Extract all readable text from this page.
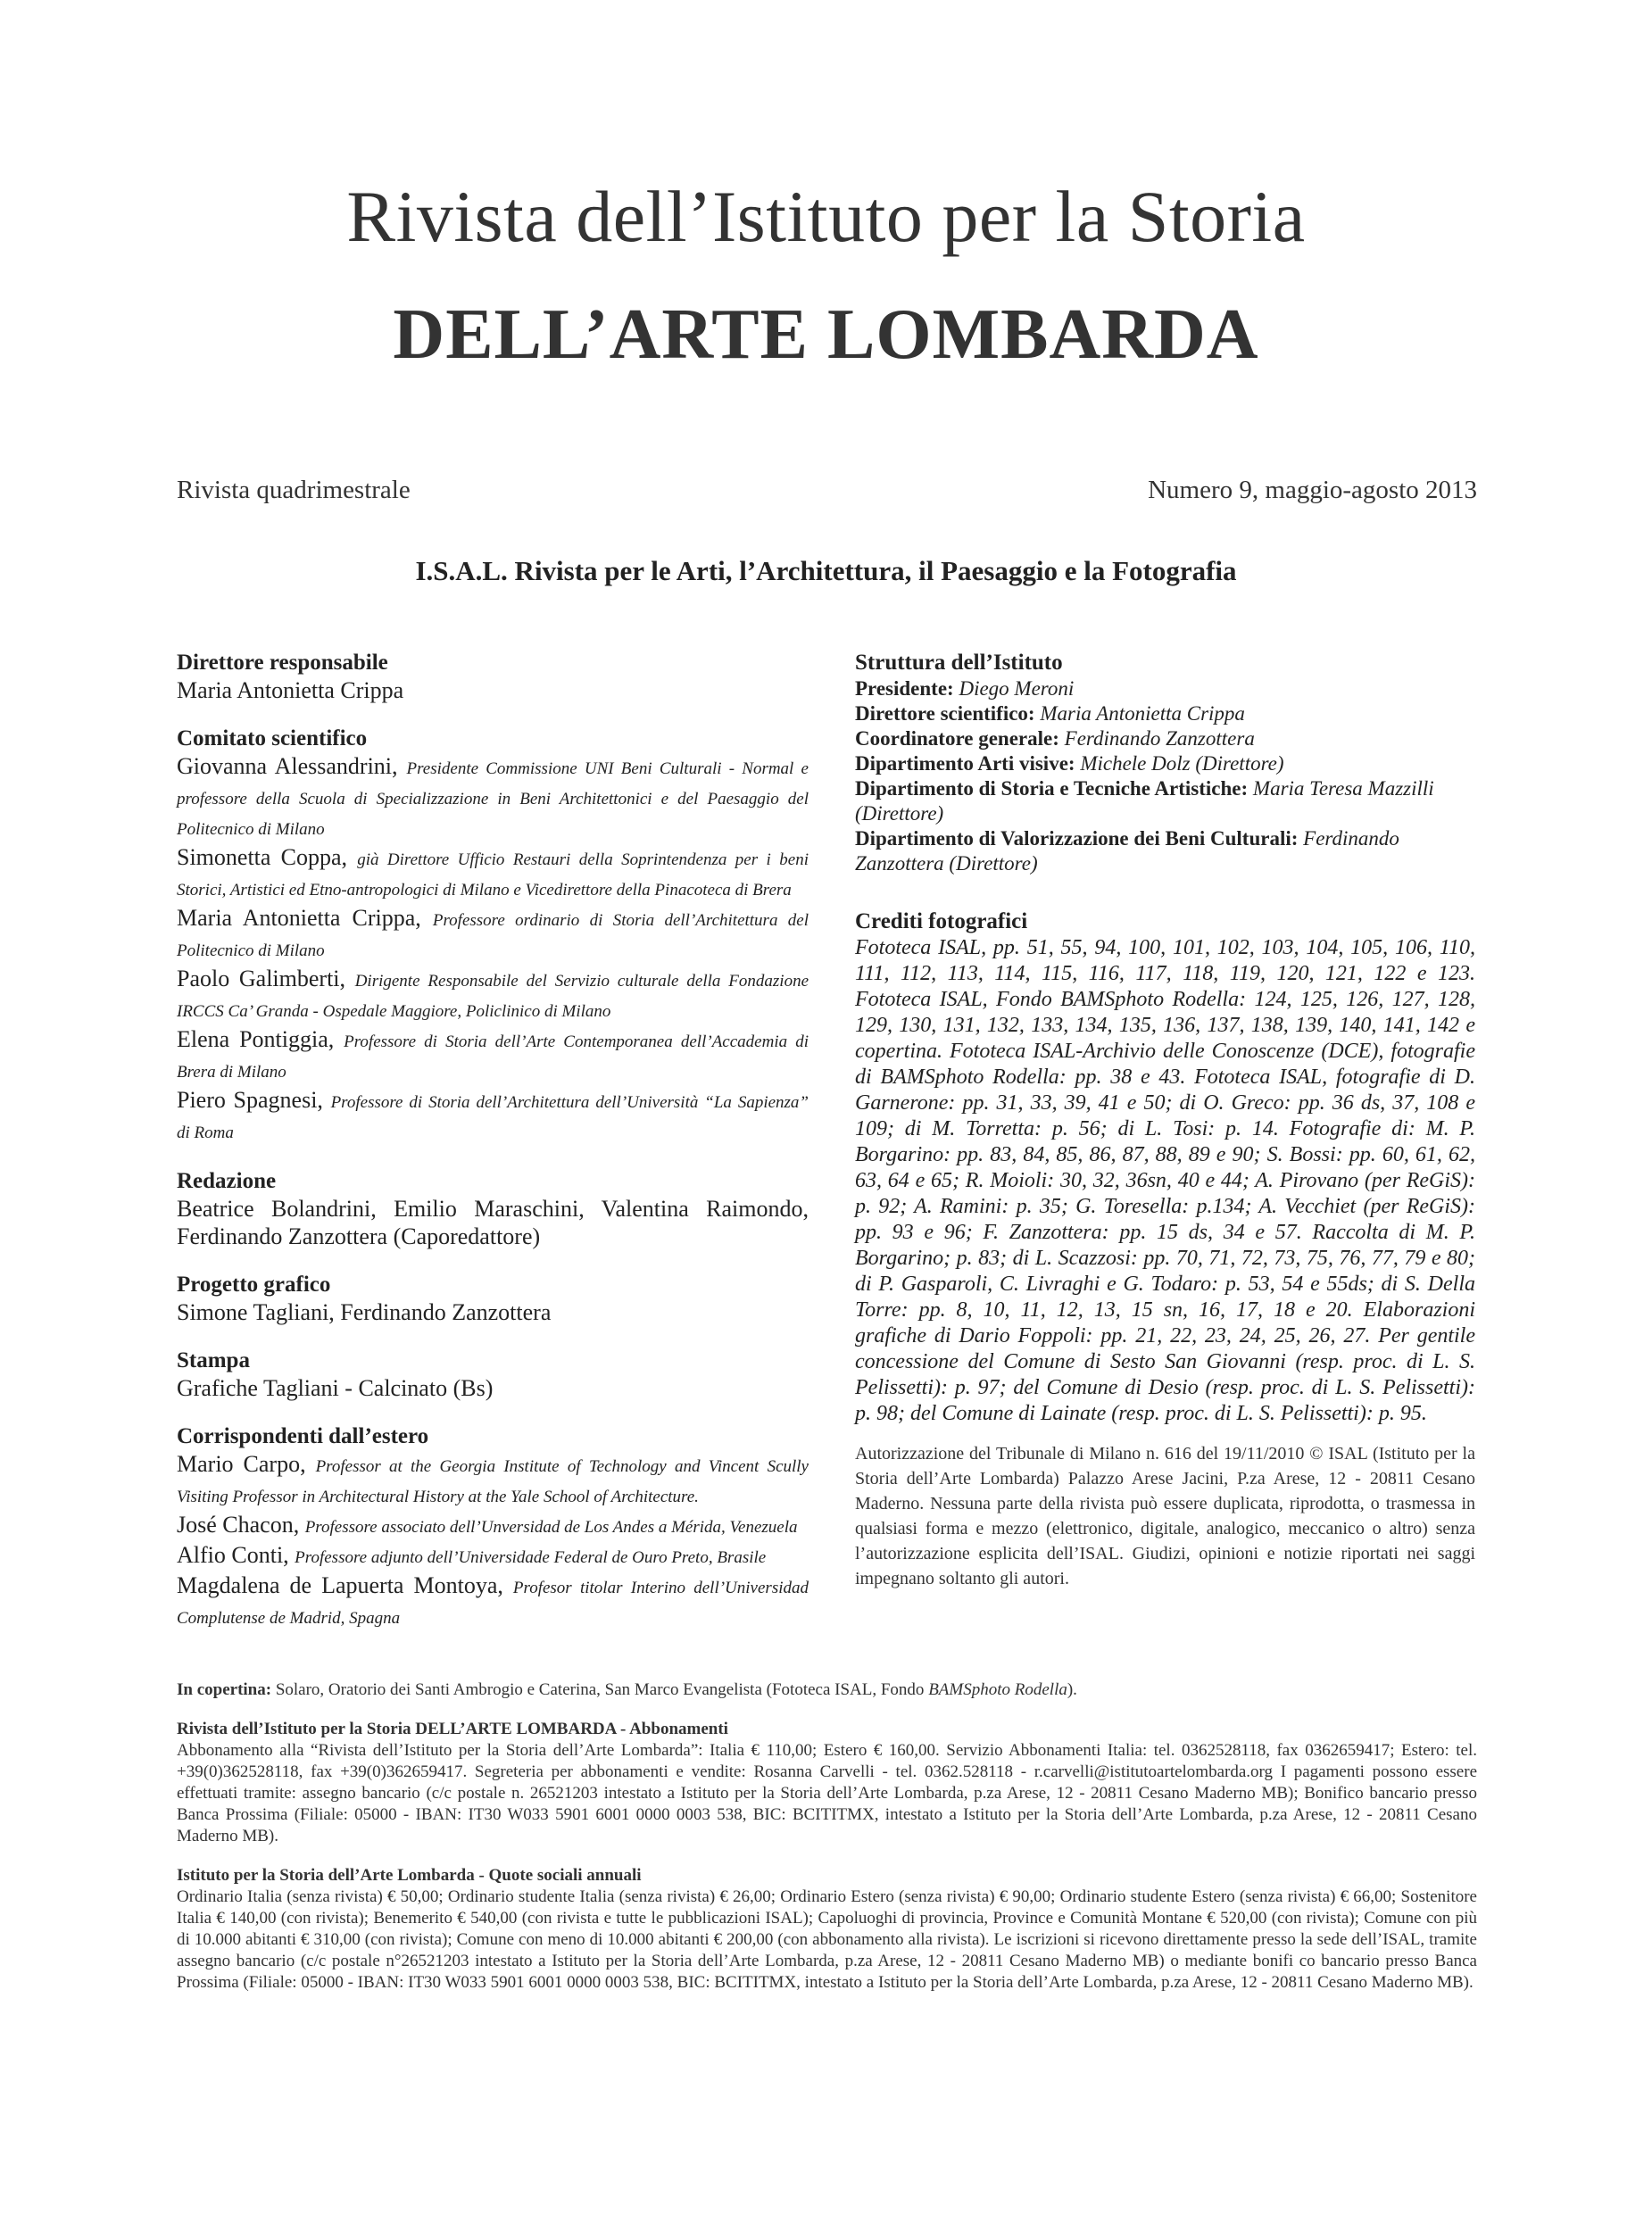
Rivista dell’Istituto per la Storia
DELL’ARTE LOMBARDA
Rivista quadrimestrale	Numero 9, maggio-agosto 2013
I.S.A.L. Rivista per le Arti, l’Architettura, il Paesaggio e la Fotografia
Direttore responsabile
Maria Antonietta Crippa
Comitato scientifico
Giovanna Alessandrini, Presidente Commissione UNI Beni Culturali - Normal e professore della Scuola di Specializzazione in Beni Architettonici e del Paesaggio del Politecnico di Milano
Simonetta Coppa, già Direttore Ufficio Restauri della Soprintendenza per i beni Storici, Artistici ed Etno-antropologici di Milano e Vicedirettore della Pinacoteca di Brera
Maria Antonietta Crippa, Professore ordinario di Storia dell’Architettura del Politecnico di Milano
Paolo Galimberti, Dirigente Responsabile del Servizio culturale della Fondazione IRCCS Ca’ Granda - Ospedale Maggiore, Policlinico di Milano
Elena Pontiggia, Professore di Storia dell’Arte Contemporanea dell’Accademia di Brera di Milano
Piero Spagnesi, Professore di Storia dell’Architettura dell’Università “La Sapienza” di Roma
Redazione
Beatrice Bolandrini, Emilio Maraschini, Valentina Raimondo, Ferdinando Zanzottera (Caporedattore)
Progetto grafico
Simone Tagliani, Ferdinando Zanzottera
Stampa
Grafiche Tagliani - Calcinato (Bs)
Corrispondenti dall’estero
Mario Carpo, Professor at the Georgia Institute of Technology and Vincent Scully Visiting Professor in Architectural History at the Yale School of Architecture.
José Chacon, Professore associato dell’Unversidad de Los Andes a Mérida, Venezuela
Alfio Conti, Professore adjunto dell’Universidade Federal de Ouro Preto, Brasile
Magdalena de Lapuerta Montoya, Profesor titolar Interino dell’Universidad Complutense de Madrid, Spagna
Struttura dell’Istituto
Presidente: Diego Meroni
Direttore scientifico: Maria Antonietta Crippa
Coordinatore generale: Ferdinando Zanzottera
Dipartimento Arti visive: Michele Dolz (Direttore)
Dipartimento di Storia e Tecniche Artistiche: Maria Teresa Mazzilli (Direttore)
Dipartimento di Valorizzazione dei Beni Culturali: Ferdinando Zanzottera (Direttore)
Crediti fotografici
Fototeca ISAL, pp. 51, 55, 94, 100, 101, 102, 103, 104, 105, 106, 110, 111, 112, 113, 114, 115, 116, 117, 118, 119, 120, 121, 122 e 123. Fototeca ISAL, Fondo BAMSphoto Rodella: 124, 125, 126, 127, 128, 129, 130, 131, 132, 133, 134, 135, 136, 137, 138, 139, 140, 141, 142 e copertina. Fototeca ISAL-Archivio delle Conoscenze (DCE), fotografie di BAMSphoto Rodella: pp. 38 e 43. Fototeca ISAL, fotografie di D. Garnerone: pp. 31, 33, 39, 41 e 50; di O. Greco: pp. 36 ds, 37, 108 e 109; di M. Torretta: p. 56; di L. Tosi: p. 14. Fotografie di: M. P. Borgarino: pp. 83, 84, 85, 86, 87, 88, 89 e 90; S. Bossi: pp. 60, 61, 62, 63, 64 e 65; R. Moioli: 30, 32, 36sn, 40 e 44; A. Pirovano (per ReGiS): p. 92; A. Ramini: p. 35; G. Toresella: p.134; A. Vecchiet (per ReGiS): pp. 93 e 96; F. Zanzottera: pp. 15 ds, 34 e 57. Raccolta di M. P. Borgarino; p. 83; di L. Scazzosi: pp. 70, 71, 72, 73, 75, 76, 77, 79 e 80; di P. Gasparoli, C. Livraghi e G. Todaro: p. 53, 54 e 55ds; di S. Della Torre: pp. 8, 10, 11, 12, 13, 15 sn, 16, 17, 18 e 20. Elaborazioni grafiche di Dario Foppoli: pp. 21, 22, 23, 24, 25, 26, 27. Per gentile concessione del Comune di Sesto San Giovanni (resp. proc. di L. S. Pelissetti): p. 97; del Comune di Desio (resp. proc. di L. S. Pelissetti): p. 98; del Comune di Lainate (resp. proc. di L. S. Pelissetti): p. 95.
Autorizzazione del Tribunale di Milano n. 616 del 19/11/2010 © ISAL (Istituto per la Storia dell’Arte Lombarda) Palazzo Arese Jacini, P.za Arese, 12 - 20811 Cesano Maderno. Nessuna parte della rivista può essere duplicata, riprodotta, o trasmessa in qualsiasi forma e mezzo (elettronico, digitale, analogico, meccanico o altro) senza l’autorizzazione esplicita dell’ISAL. Giudizi, opinioni e notizie riportati nei saggi impegnano soltanto gli autori.
In copertina: Solaro, Oratorio dei Santi Ambrogio e Caterina, San Marco Evangelista (Fototeca ISAL, Fondo BAMSphoto Rodella).
Rivista dell’Istituto per la Storia DELL’ARTE LOMBARDA - Abbonamenti
Abbonamento alla “Rivista dell’Istituto per la Storia dell’Arte Lombarda”: Italia € 110,00; Estero € 160,00. Servizio Abbonamenti Italia: tel. 0362528118, fax 0362659417; Estero: tel. +39(0)362528118, fax +39(0)362659417. Segreteria per abbonamenti e vendite: Rosanna Carvelli - tel. 0362.528118 - r.carvelli@istitutoartelombarda.org I pagamenti possono essere effettuati tramite: assegno bancario (c/c postale n. 26521203 intestato a Istituto per la Storia dell’Arte Lombarda, p.za Arese, 12 - 20811 Cesano Maderno MB); Bonifico bancario presso Banca Prossima (Filiale: 05000 - IBAN: IT30 W033 5901 6001 0000 0003 538, BIC: BCITITMX, intestato a Istituto per la Storia dell’Arte Lombarda, p.za Arese, 12 - 20811 Cesano Maderno MB).
Istituto per la Storia dell’Arte Lombarda - Quote sociali annuali
Ordinario Italia (senza rivista) € 50,00; Ordinario studente Italia (senza rivista) € 26,00; Ordinario Estero (senza rivista) € 90,00; Ordinario studente Estero (senza rivista) € 66,00; Sostenitore Italia € 140,00 (con rivista); Benemerito € 540,00 (con rivista e tutte le pubblicazioni ISAL); Capoluoghi di provincia, Province e Comunità Montane € 520,00 (con rivista); Comune con più di 10.000 abitanti € 310,00 (con rivista); Comune con meno di 10.000 abitanti € 200,00 (con abbonamento alla rivista). Le iscrizioni si ricevono direttamente presso la sede dell’ISAL, tramite assegno bancario (c/c postale n°26521203 intestato a Istituto per la Storia dell’Arte Lombarda, p.za Arese, 12 - 20811 Cesano Maderno MB) o mediante bonifi co bancario presso Banca Prossima (Filiale: 05000 - IBAN: IT30 W033 5901 6001 0000 0003 538, BIC: BCITITMX, intestato a Istituto per la Storia dell’Arte Lombarda, p.za Arese, 12 - 20811 Cesano Maderno MB).
